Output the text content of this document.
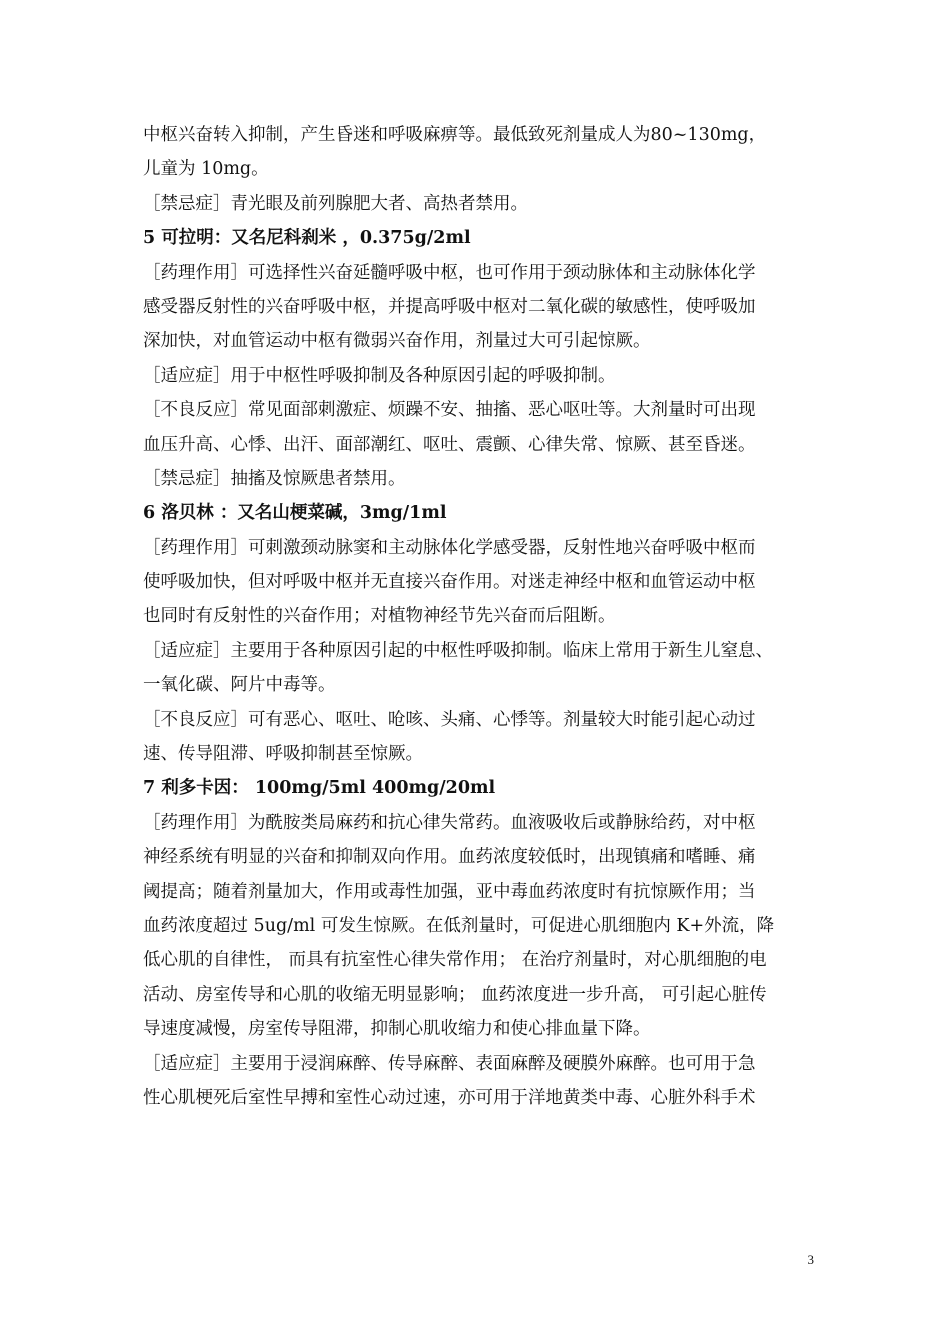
中枢兴奋转入抑制，产生昏迷和呼吸麻痹等。最低致死剂量成人为80~130mg，
儿童为 10mg。
［禁忌症］青光眼及前列腺肥大者、高热者禁用。
5 可拉明：又名尼科刹米 ，0.375g/2ml
［药理作用］可选择性兴奋延髓呼吸中枢，也可作用于颈动脉体和主动脉体化学
感受器反射性的兴奋呼吸中枢，并提高呼吸中枢对二氧化碳的敏感性，使呼吸加
深加快，对血管运动中枢有微弱兴奋作用，剂量过大可引起惊厥。
［适应症］用于中枢性呼吸抑制及各种原因引起的呼吸抑制。
［不良反应］常见面部刺激症、烦躁不安、抽搐、恶心呕吐等。大剂量时可出现
血压升高、心悸、出汗、面部潮红、呕吐、震颤、心律失常、惊厥、甚至昏迷。
［禁忌症］抽搐及惊厥患者禁用。
6 洛贝林 ：又名山梗菜碱，3mg/1ml
［药理作用］可刺激颈动脉窦和主动脉体化学感受器，反射性地兴奋呼吸中枢而
使呼吸加快，但对呼吸中枢并无直接兴奋作用。对迷走神经中枢和血管运动中枢
也同时有反射性的兴奋作用；对植物神经节先兴奋而后阻断。
［适应症］主要用于各种原因引起的中枢性呼吸抑制。临床上常用于新生儿窒息、
一氧化碳、阿片中毒等。
［不良反应］可有恶心、呕吐、呛咳、头痛、心悸等。剂量较大时能引起心动过
速、传导阻滞、呼吸抑制甚至惊厥。
7 利多卡因： 100mg/5ml 400mg/20ml
［药理作用］为酰胺类局麻药和抗心律失常药。血液吸收后或静脉给药，对中枢
神经系统有明显的兴奋和抑制双向作用。血药浓度较低时，出现镇痛和嗜睡、痛
阈提高；随着剂量加大，作用或毒性加强，亚中毒血药浓度时有抗惊厥作用；当
血药浓度超过 5ug/ml 可发生惊厥。在低剂量时，可促进心肌细胞内 K+外流，降
低心肌的自律性， 而具有抗室性心律失常作用； 在治疗剂量时，对心肌细胞的电
活动、房室传导和心肌的收缩无明显影响； 血药浓度进一步升高， 可引起心脏传
导速度减慢，房室传导阻滞，抑制心肌收缩力和使心排血量下降。
［适应症］主要用于浸润麻醉、传导麻醉、表面麻醉及硬膜外麻醉。也可用于急
性心肌梗死后室性早搏和室性心动过速，亦可用于洋地黄类中毒、心脏外科手术
3
